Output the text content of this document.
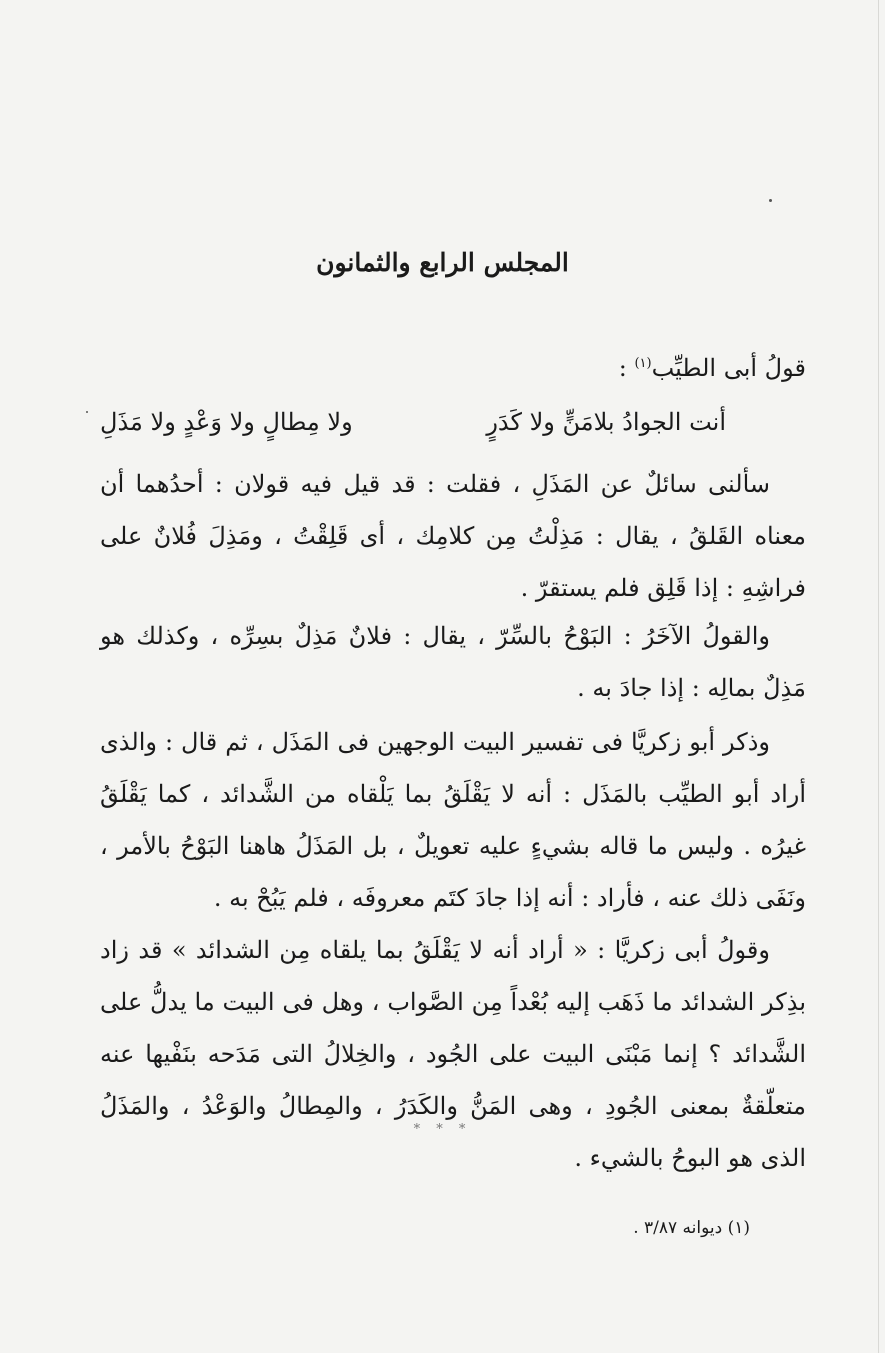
المجلس الرابع والثمانون

قولُ أبى الطيِّب$^{(١)}$ :

أنت الجوادُ بلامَنٍّ ولا كَدَرٍ
ولا مِطالٍ ولا وَعْدٍ ولا مَذَلِ

سألنى سائلٌ عن المَذَلِ ، فقلت : قد قيل فيه قولان : أحدُهما أن معناه القَلقُ ، يقال : مَذِلْتُ مِن كلامِك ، أى قَلِقْتُ ، ومَذِلَ فُلانٌ على فراشِهِ : إذا قَلِق فلم يستقرّ .

والقولُ الآخَرُ : البَوْحُ بالسِّرّ ، يقال : فلانٌ مَذِلٌ بسِرِّه ، وكذلك هو مَذِلٌ بمالِه : إذا جادَ به .

وذكر أبو زكريَّا فى تفسير البيت الوجهين فى المَذَل ، ثم قال : والذى أراد أبو الطيِّب بالمَذَل : أنه لا يَقْلَقُ بما يَلْقاه من الشَّدائد ، كما يَقْلَقُ غيرُه . وليس ما قاله بشيءٍ عليه تعويلٌ ، بل المَذَلُ هاهنا البَوْحُ بالأمر ، ونَفَى ذلك عنه ، فأراد : أنه إذا جادَ كتَم معروفَه ، فلم يَبُحْ به .

وقولُ أبى زكريَّا : « أراد أنه لا يَقْلَقُ بما يلقاه مِن الشدائد » قد زاد بذِكر الشدائد ما ذَهَب إليه بُعْداً مِن الصَّواب ، وهل فى البيت ما يدلُّ على الشَّدائد ؟ إنما مَبْنَى البيت على الجُود ، والخِلالُ التى مَدَحه بنَفْيها عنه متعلّقةٌ بمعنى الجُودِ ، وهى المَنُّ والكَدَرُ ، والمِطالُ والوَعْدُ ، والمَذَلُ الذى هو البوحُ بالشيء .

* * *

(١) ديوانه ٣/٨٧ .
